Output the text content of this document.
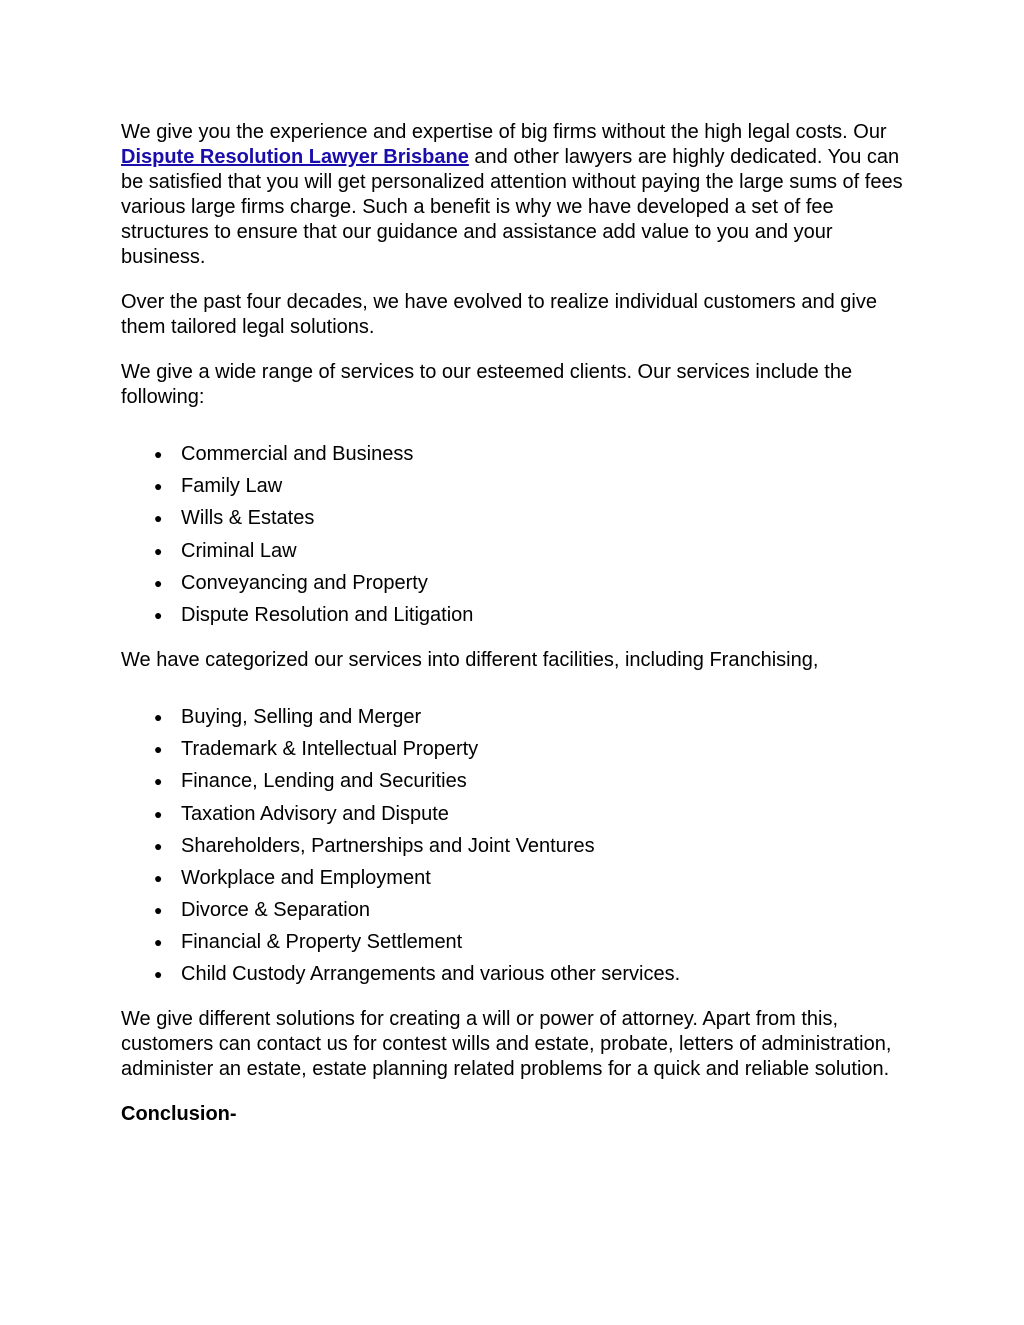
We give you the experience and expertise of big firms without the high legal costs. Our Dispute Resolution Lawyer Brisbane and other lawyers are highly dedicated. You can be satisfied that you will get personalized attention without paying the large sums of fees various large firms charge. Such a benefit is why we have developed a set of fee structures to ensure that our guidance and assistance add value to you and your business.

Over the past four decades, we have evolved to realize individual customers and give them tailored legal solutions.

We give a wide range of services to our esteemed clients. Our services include the following:

● Commercial and Business
● Family Law
● Wills & Estates
● Criminal Law
● Conveyancing and Property
● Dispute Resolution and Litigation

We have categorized our services into different facilities, including Franchising,

● Buying, Selling and Merger
● Trademark & Intellectual Property
● Finance, Lending and Securities
● Taxation Advisory and Dispute
● Shareholders, Partnerships and Joint Ventures
● Workplace and Employment
● Divorce & Separation
● Financial & Property Settlement
● Child Custody Arrangements and various other services.

We give different solutions for creating a will or power of attorney. Apart from this, customers can contact us for contest wills and estate, probate, letters of administration, administer an estate, estate planning related problems for a quick and reliable solution.

Conclusion-
